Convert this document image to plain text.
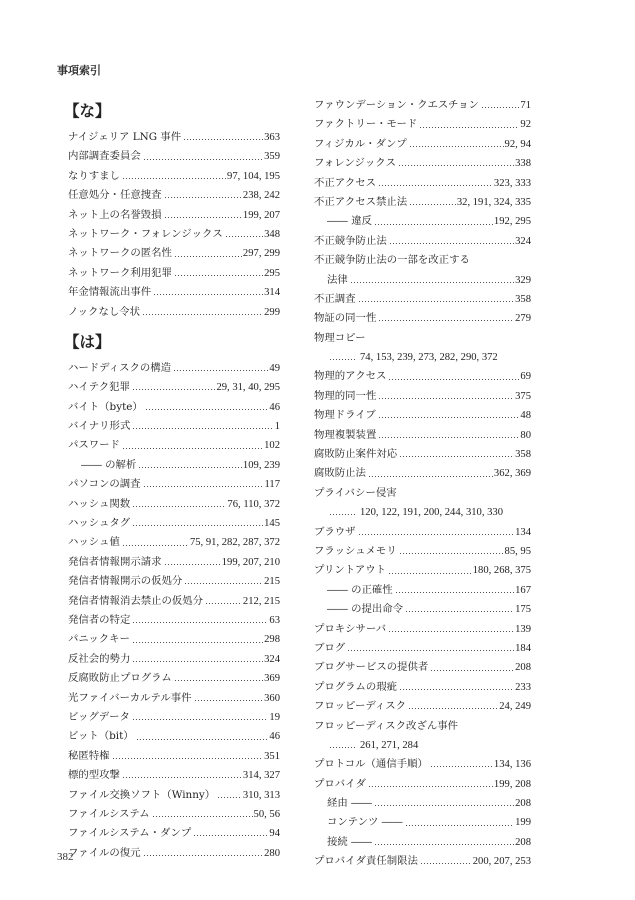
事項索引
【な】
ナイジェリア LNG 事件	363
内部調査委員会	359
なりすまし	97, 104, 195
任意処分・任意捜査	238, 242
ネット上の名誉毀損	199, 207
ネットワーク・フォレンジックス	348
ネットワークの匿名性	297, 299
ネットワーク利用犯罪	295
年金情報流出事件	314
ノックなし令状	299
【は】
ハードディスクの構造	49
ハイテク犯罪	29, 31, 40, 295
バイト（byte）	46
バイナリ形式	1
パスワード	102
―― の解析	109, 239
パソコンの調査	117
ハッシュ関数	76, 110, 372
ハッシュタグ	145
ハッシュ値	75, 91, 282, 287, 372
発信者情報開示請求	199, 207, 210
発信者情報開示の仮処分	215
発信者情報消去禁止の仮処分	212, 215
発信者の特定	63
パニックキー	298
反社会的勢力	324
反腐敗防止プログラム	369
光ファイバーカルテル事件	360
ビッグデータ	19
ビット（bit）	46
秘匿特権	351
標的型攻撃	314, 327
ファイル交換ソフト（Winny）	310, 313
ファイルシステム	50, 56
ファイルシステム・ダンプ	94
ファイルの復元	280
ファウンデーション・クエスチョン	71
ファクトリー・モード	92
フィジカル・ダンプ	92, 94
フォレンジックス	338
不正アクセス	323, 333
不正アクセス禁止法	32, 191, 324, 335
―― 違反	192, 295
不正競争防止法	324
不正競争防止法の一部を改正する
法律	329
不正調査	358
物証の同一性	279
物理コピー
74, 153, 239, 273, 282, 290, 372
物理的アクセス	69
物理的同一性	375
物理ドライブ	48
物理複製装置	80
腐敗防止案件対応	358
腐敗防止法	362, 369
プライバシー侵害
120, 122, 191, 200, 244, 310, 330
ブラウザ	134
フラッシュメモリ	85, 95
プリントアウト	180, 268, 375
―― の正確性	167
―― の提出命令	175
プロキシサーバ	139
ブログ	184
ブログサービスの提供者	208
プログラムの瑕疵	233
フロッピーディスク	24, 249
フロッピーディスク改ざん事件
261, 271, 284
プロトコル（通信手順）	134, 136
プロバイダ	199, 208
経由 ――	208
コンテンツ ――	199
接続 ――	208
プロバイダ責任制限法	200, 207, 253
382
